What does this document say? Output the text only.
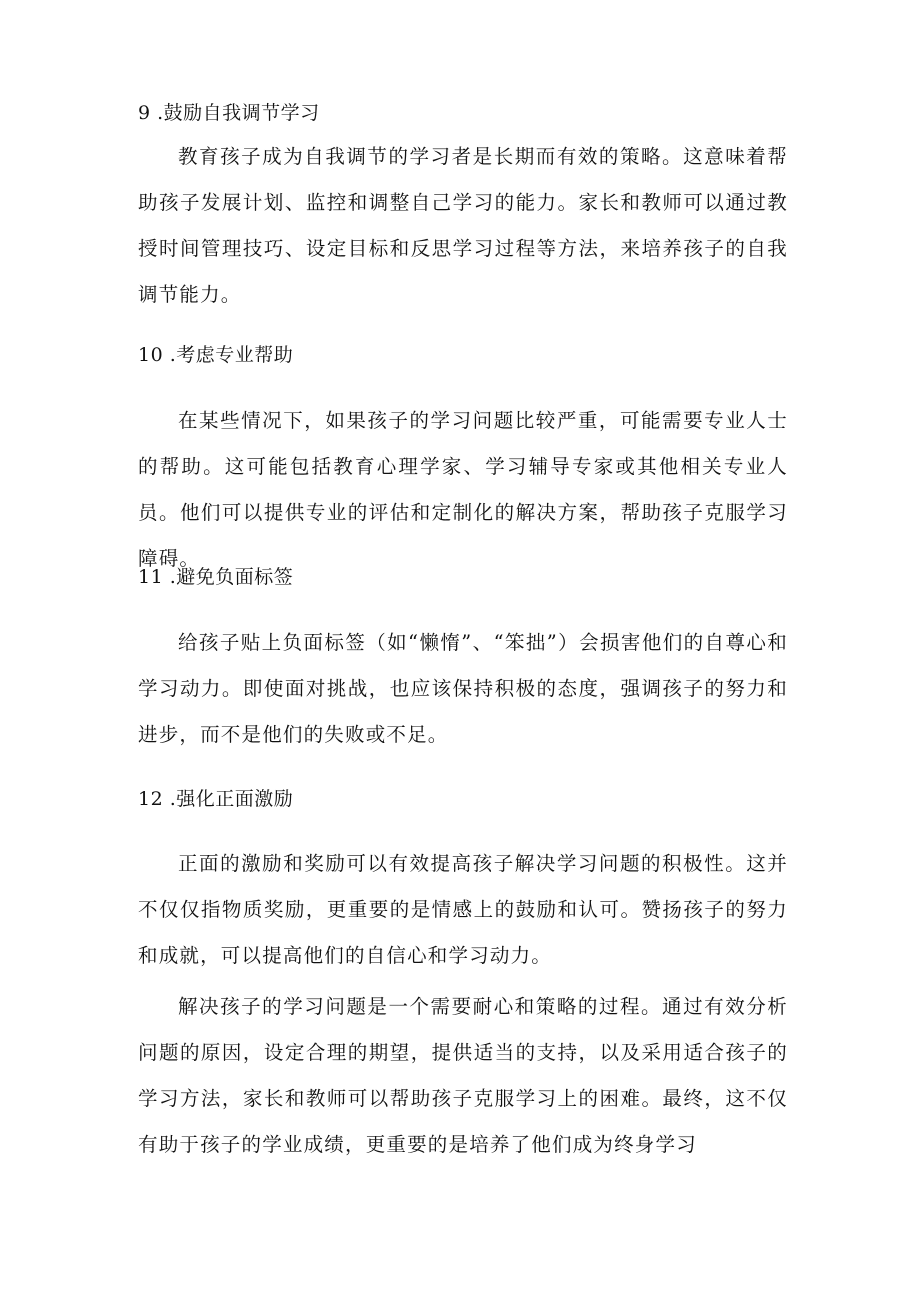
9 .鼓励自我调节学习
教育孩子成为自我调节的学习者是长期而有效的策略。这意味着帮助孩子发展计划、监控和调整自己学习的能力。家长和教师可以通过教授时间管理技巧、设定目标和反思学习过程等方法，来培养孩子的自我调节能力。
10 .考虑专业帮助
在某些情况下，如果孩子的学习问题比较严重，可能需要专业人士的帮助。这可能包括教育心理学家、学习辅导专家或其他相关专业人员。他们可以提供专业的评估和定制化的解决方案，帮助孩子克服学习障碍。
11 .避免负面标签
给孩子贴上负面标签（如“懒惰”、“笨拙”）会损害他们的自尊心和学习动力。即使面对挑战，也应该保持积极的态度，强调孩子的努力和进步，而不是他们的失败或不足。
12 .强化正面激励
正面的激励和奖励可以有效提高孩子解决学习问题的积极性。这并不仅仅指物质奖励，更重要的是情感上的鼓励和认可。赞扬孩子的努力和成就，可以提高他们的自信心和学习动力。
解决孩子的学习问题是一个需要耐心和策略的过程。通过有效分析问题的原因，设定合理的期望，提供适当的支持，以及采用适合孩子的学习方法，家长和教师可以帮助孩子克服学习上的困难。最终，这不仅有助于孩子的学业成绩，更重要的是培养了他们成为终身学习
